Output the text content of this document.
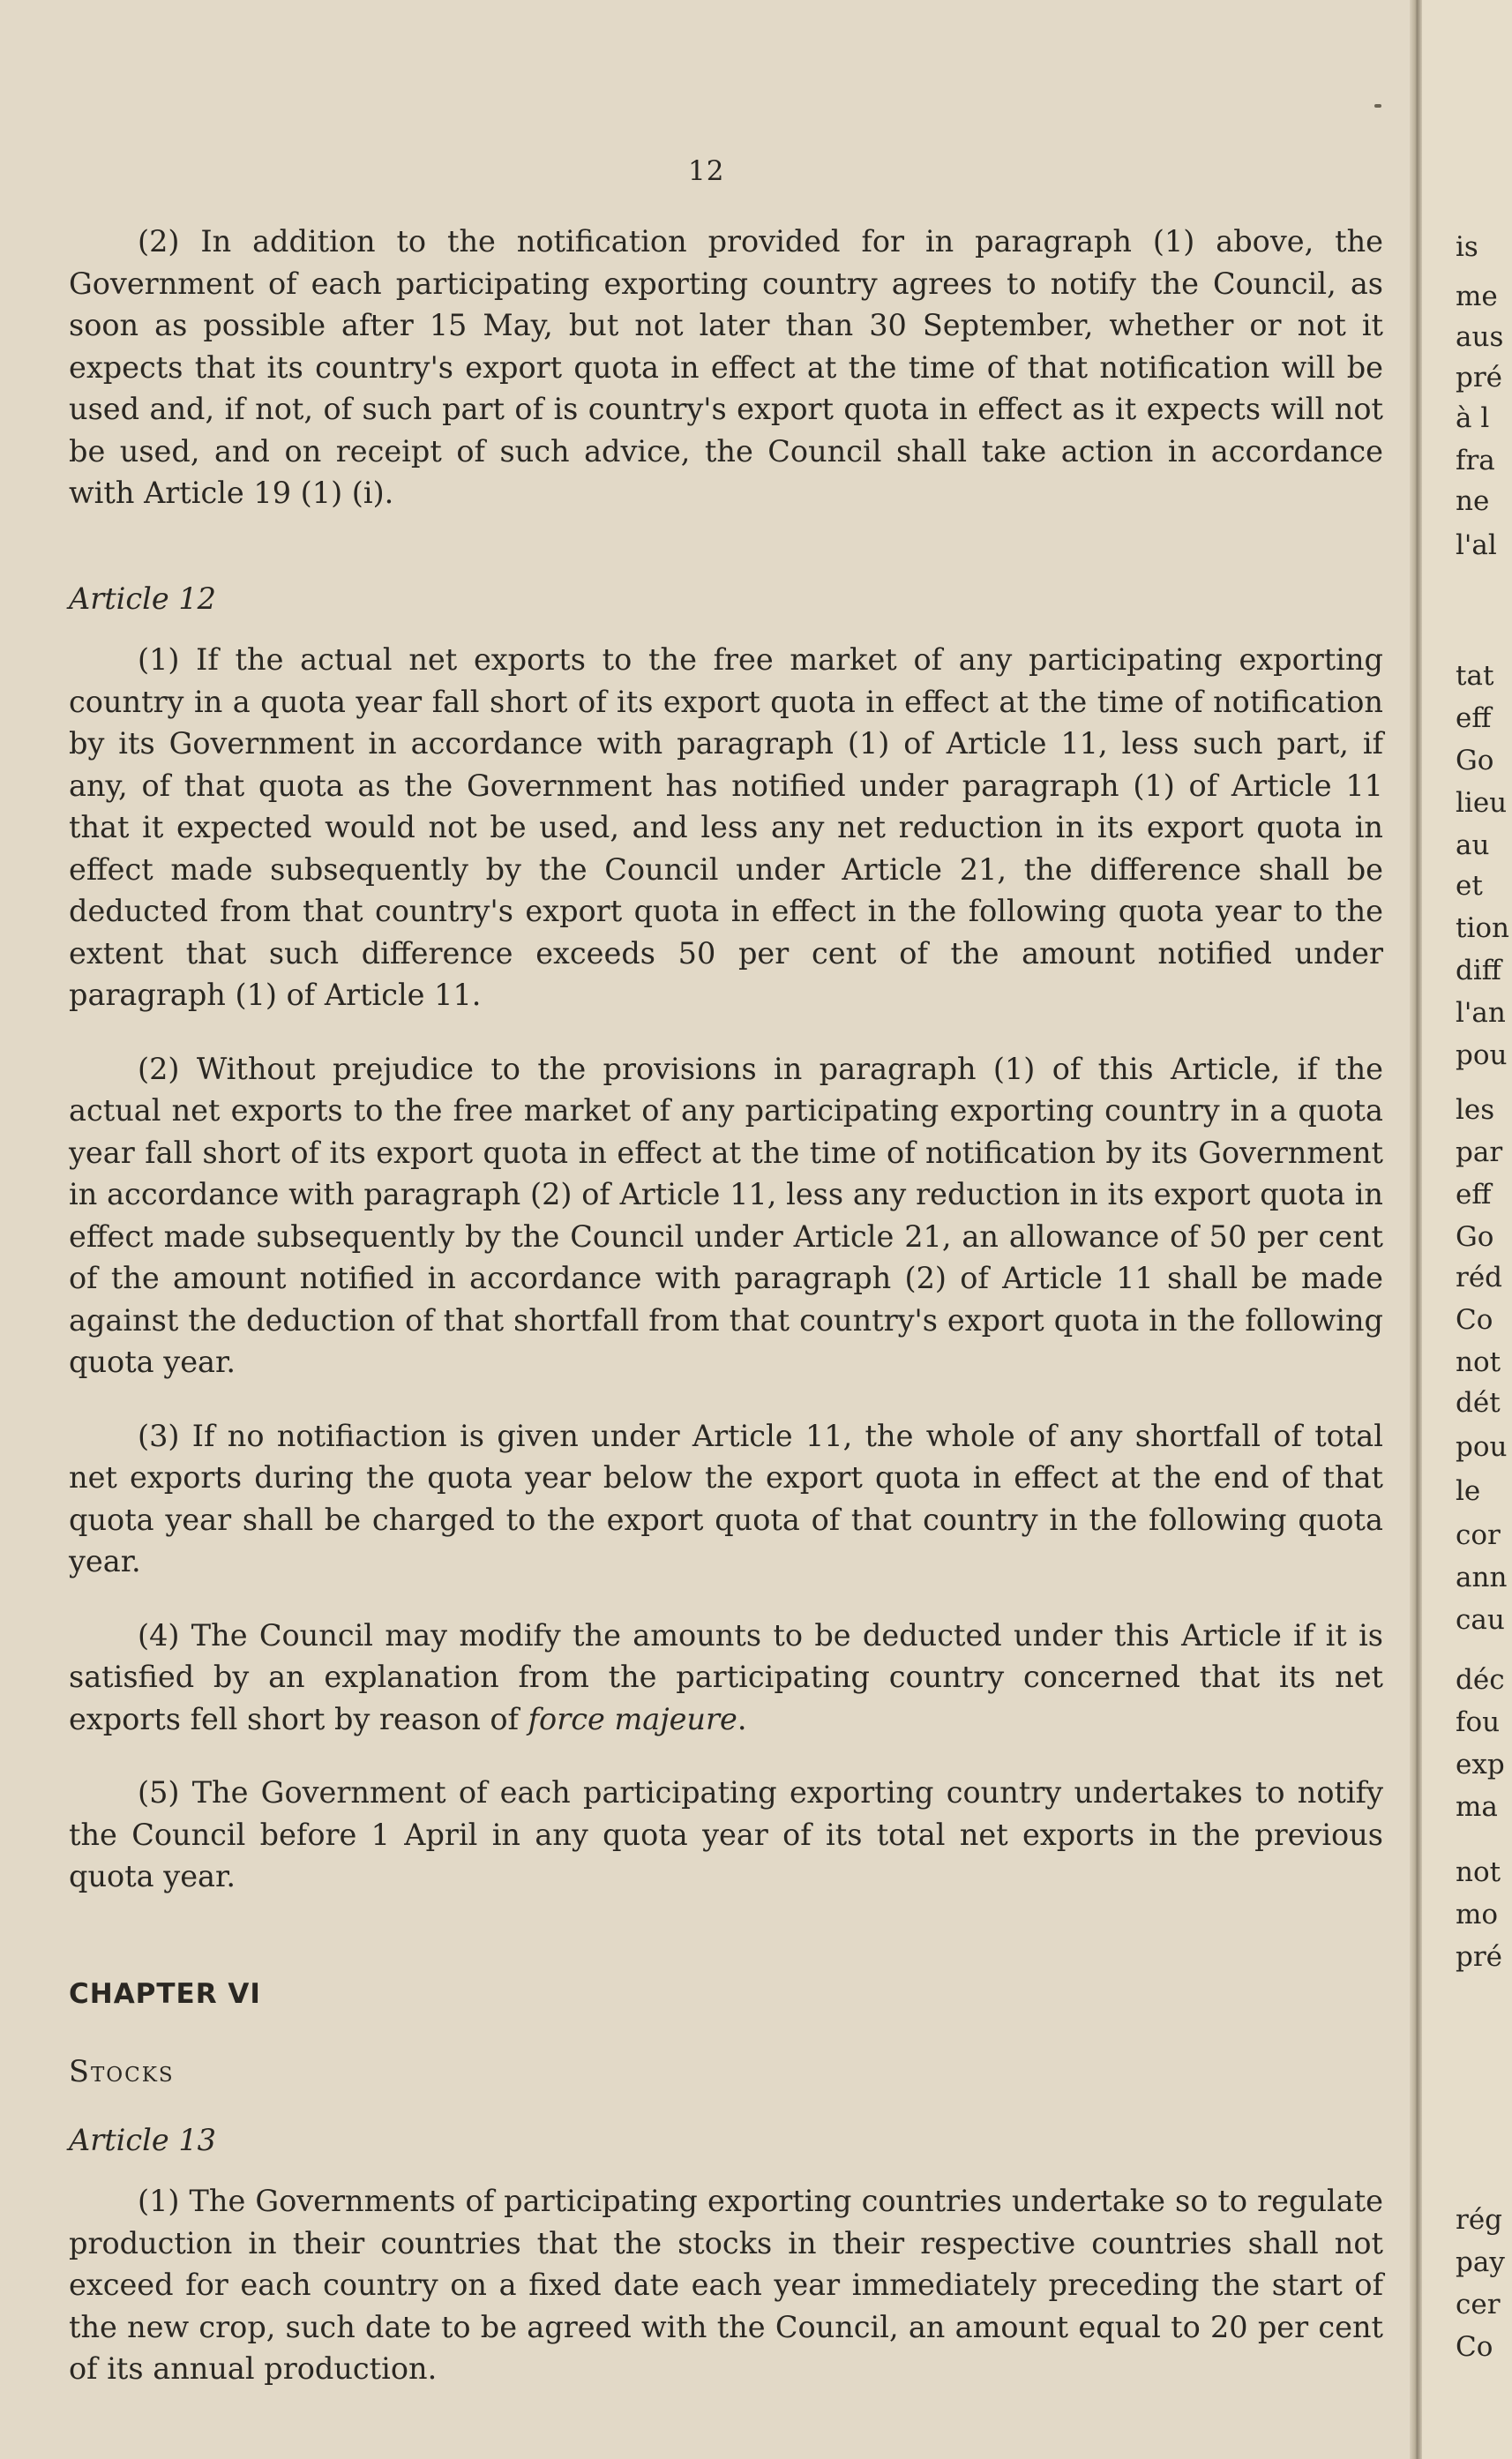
12

(2) In addition to the notification provided for in paragraph (1) above, the Government of each participating exporting country agrees to notify the Council, as soon as possible after 15 May, but not later than 30 September, whether or not it expects that its country's export quota in effect at the time of that notification will be used and, if not, of such part of is country's export quota in effect as it expects will not be used, and on receipt of such advice, the Council shall take action in accordance with Article 19 (1) (i).

Article 12

(1) If the actual net exports to the free market of any participating exporting country in a quota year fall short of its export quota in effect at the time of notification by its Government in accordance with paragraph (1) of Article 11, less such part, if any, of that quota as the Government has notified under paragraph (1) of Article 11 that it expected would not be used, and less any net reduction in its export quota in effect made subsequently by the Council under Article 21, the difference shall be deducted from that country's export quota in effect in the following quota year to the extent that such difference exceeds 50 per cent of the amount notified under paragraph (1) of Article 11.

(2) Without prejudice to the provisions in paragraph (1) of this Article, if the actual net exports to the free market of any participating exporting country in a quota year fall short of its export quota in effect at the time of notification by its Government in accordance with paragraph (2) of Article 11, less any reduction in its export quota in effect made subsequently by the Council under Article 21, an allowance of 50 per cent of the amount notified in accordance with paragraph (2) of Article 11 shall be made against the deduction of that shortfall from that country's export quota in the following quota year.

(3) If no notifiaction is given under Article 11, the whole of any shortfall of total net exports during the quota year below the export quota in effect at the end of that quota year shall be charged to the export quota of that country in the following quota year.

(4) The Council may modify the amounts to be deducted under this Article if it is satisfied by an explanation from the participating country concerned that its net exports fell short by reason of force majeure.

(5) The Government of each participating exporting country undertakes to notify the Council before 1 April in any quota year of its total net exports in the previous quota year.

CHAPTER VI

Stocks

Article 13

(1) The Governments of participating exporting countries undertake so to regulate production in their countries that the stocks in their respective countries shall not exceed for each country on a fixed date each year immediately preceding the start of the new crop, such date to be agreed with the Council, an amount equal to 20 per cent of its annual production.

is
me
aus
pré
à l
fra
ne
l'al
tat
eff
Go
lieu
au
et
tion
diff
l'an
pou
les
par
eff
Go
réd
Co
not
dét
pou
le
cor
ann
cau
déc
fou
exp
ma
not
mo
pré
rég
pay
cer
Co
